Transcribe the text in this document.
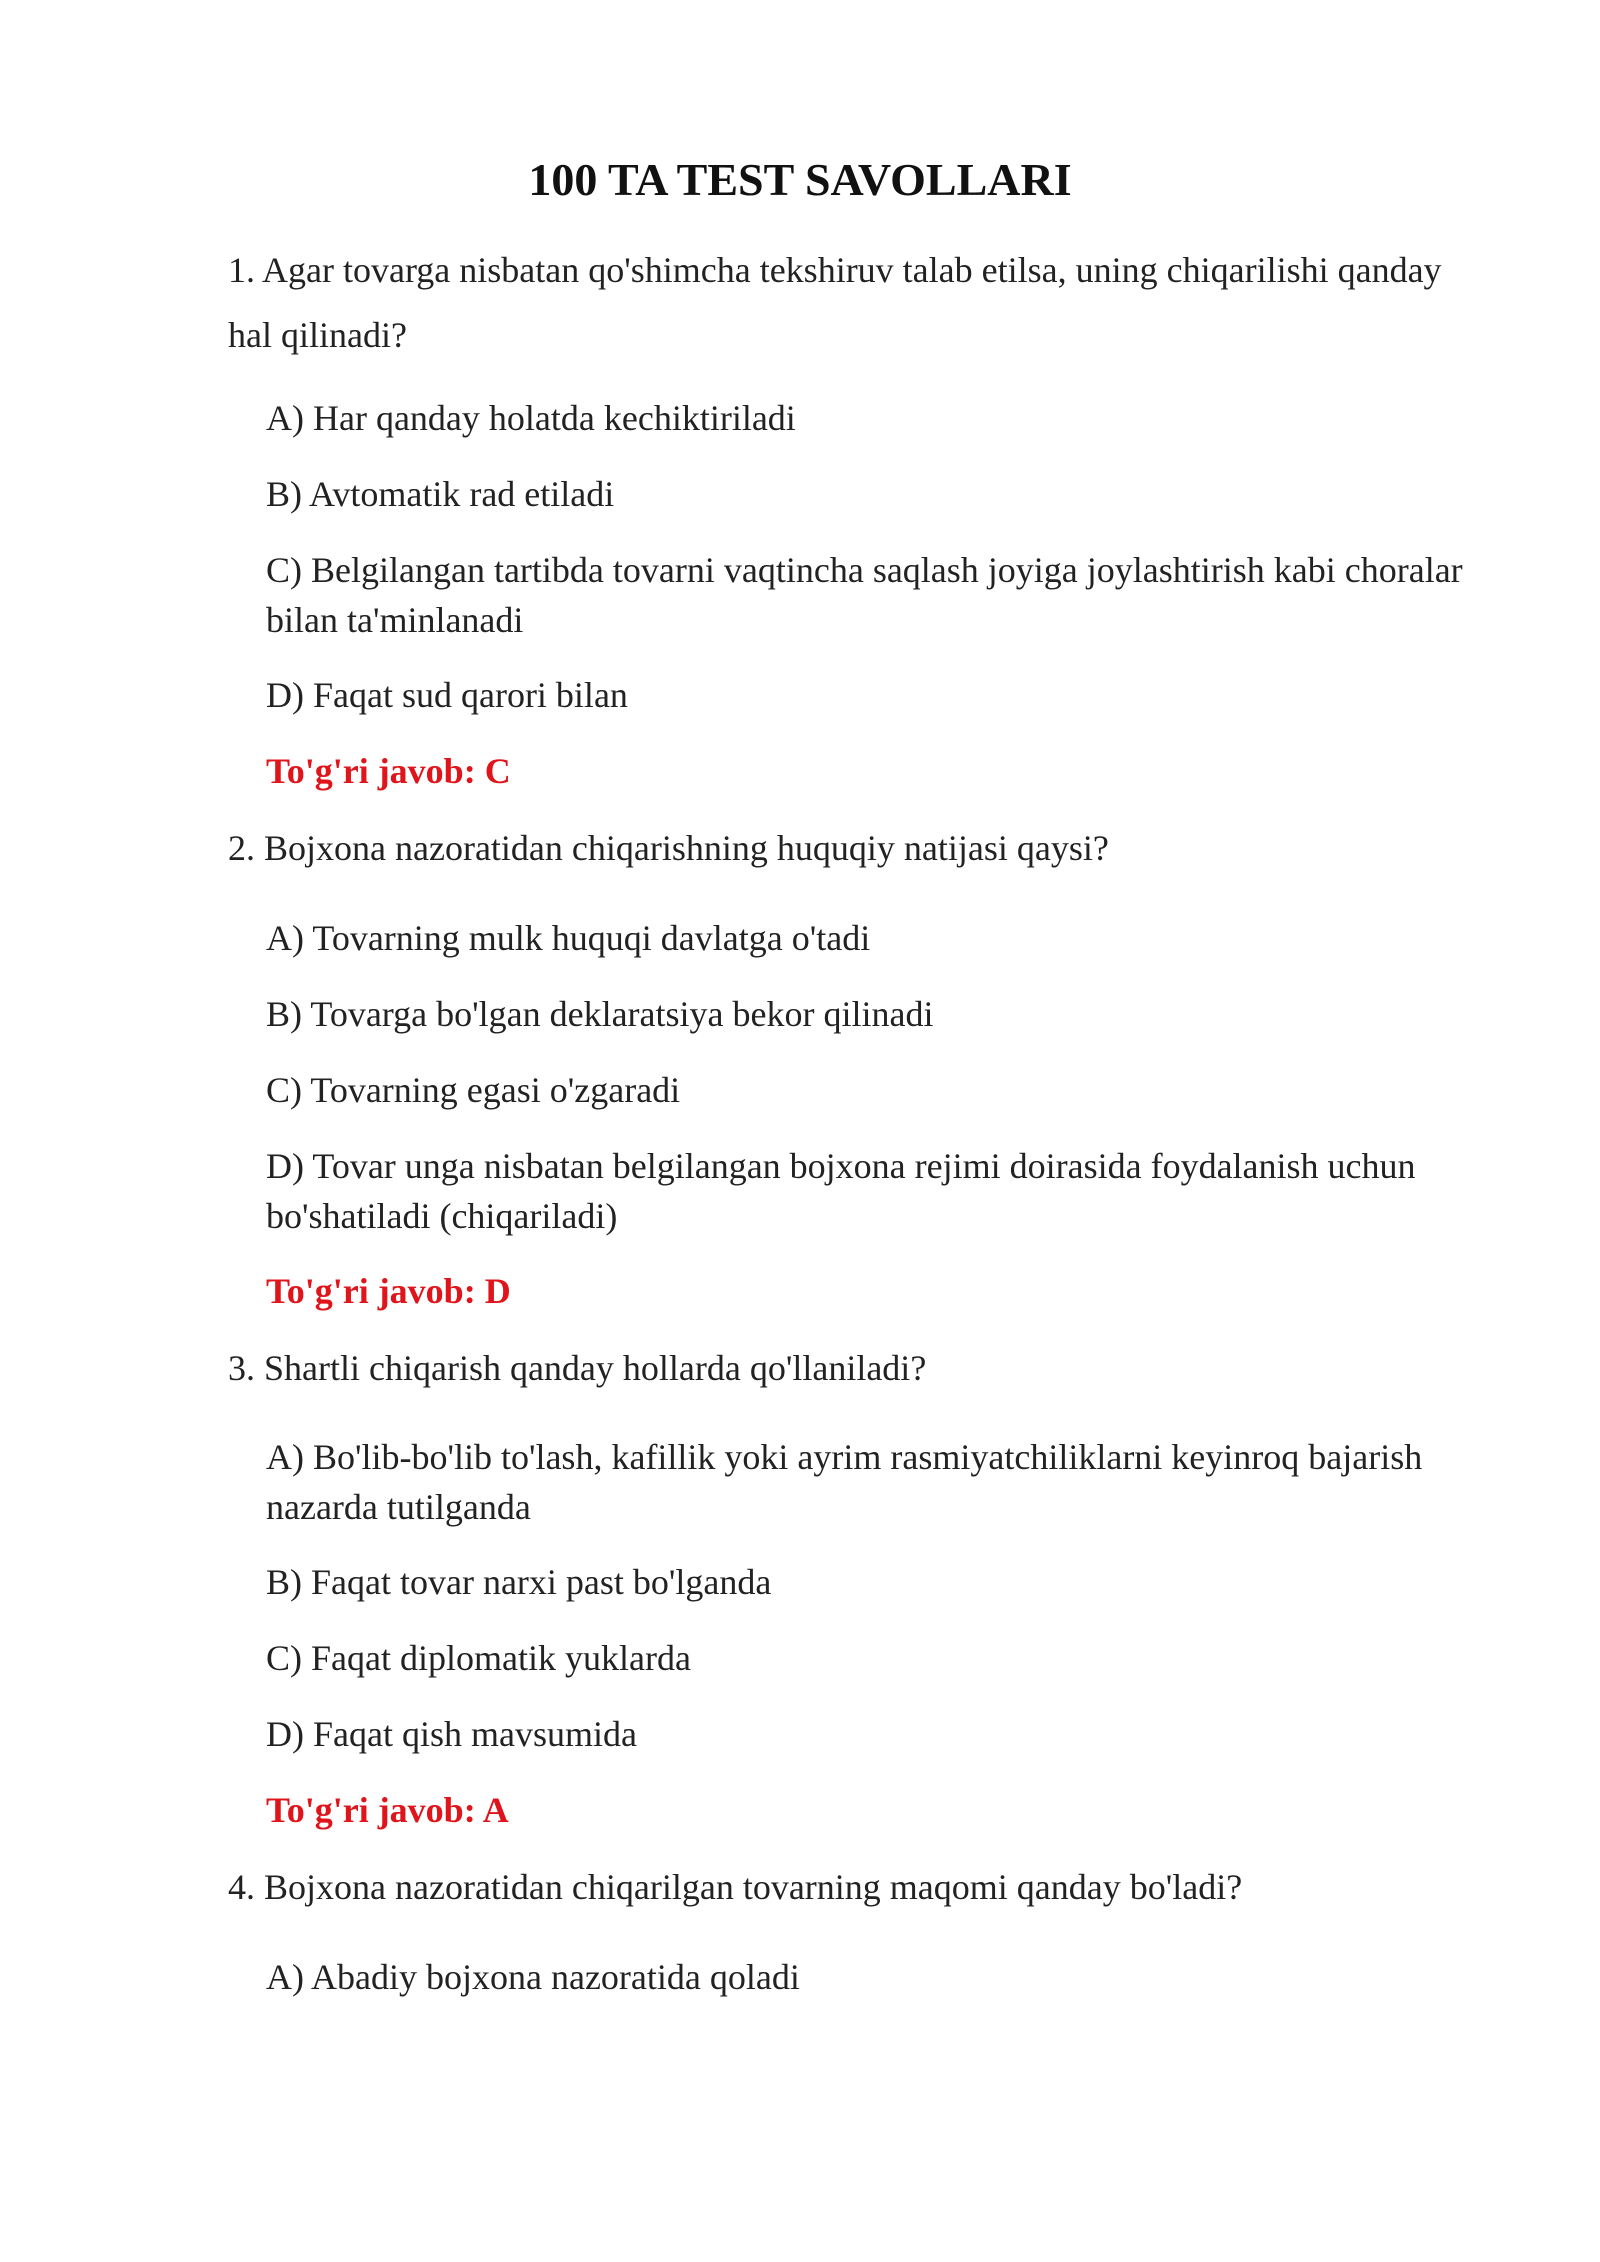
100 TA TEST SAVOLLARI

1. Agar tovarga nisbatan qo'shimcha tekshiruv talab etilsa, uning chiqarilishi qanday hal qilinadi?

A) Har qanday holatda kechiktiriladi

B) Avtomatik rad etiladi

C) Belgilangan tartibda tovarni vaqtincha saqlash joyiga joylashtirish kabi choralar bilan ta'minlanadi

D) Faqat sud qarori bilan

To'g'ri javob: C

2. Bojxona nazoratidan chiqarishning huquqiy natijasi qaysi?

A) Tovarning mulk huquqi davlatga o'tadi

B) Tovarga bo'lgan deklaratsiya bekor qilinadi

C) Tovarning egasi o'zgaradi

D) Tovar unga nisbatan belgilangan bojxona rejimi doirasida foydalanish uchun bo'shatiladi (chiqariladi)

To'g'ri javob: D

3. Shartli chiqarish qanday hollarda qo'llaniladi?

A) Bo'lib-bo'lib to'lash, kafillik yoki ayrim rasmiyatchiliklarni keyinroq bajarish nazarda tutilganda

B) Faqat tovar narxi past bo'lganda

C) Faqat diplomatik yuklarda

D) Faqat qish mavsumida

To'g'ri javob: A

4. Bojxona nazoratidan chiqarilgan tovarning maqomi qanday bo'ladi?

A) Abadiy bojxona nazoratida qoladi
